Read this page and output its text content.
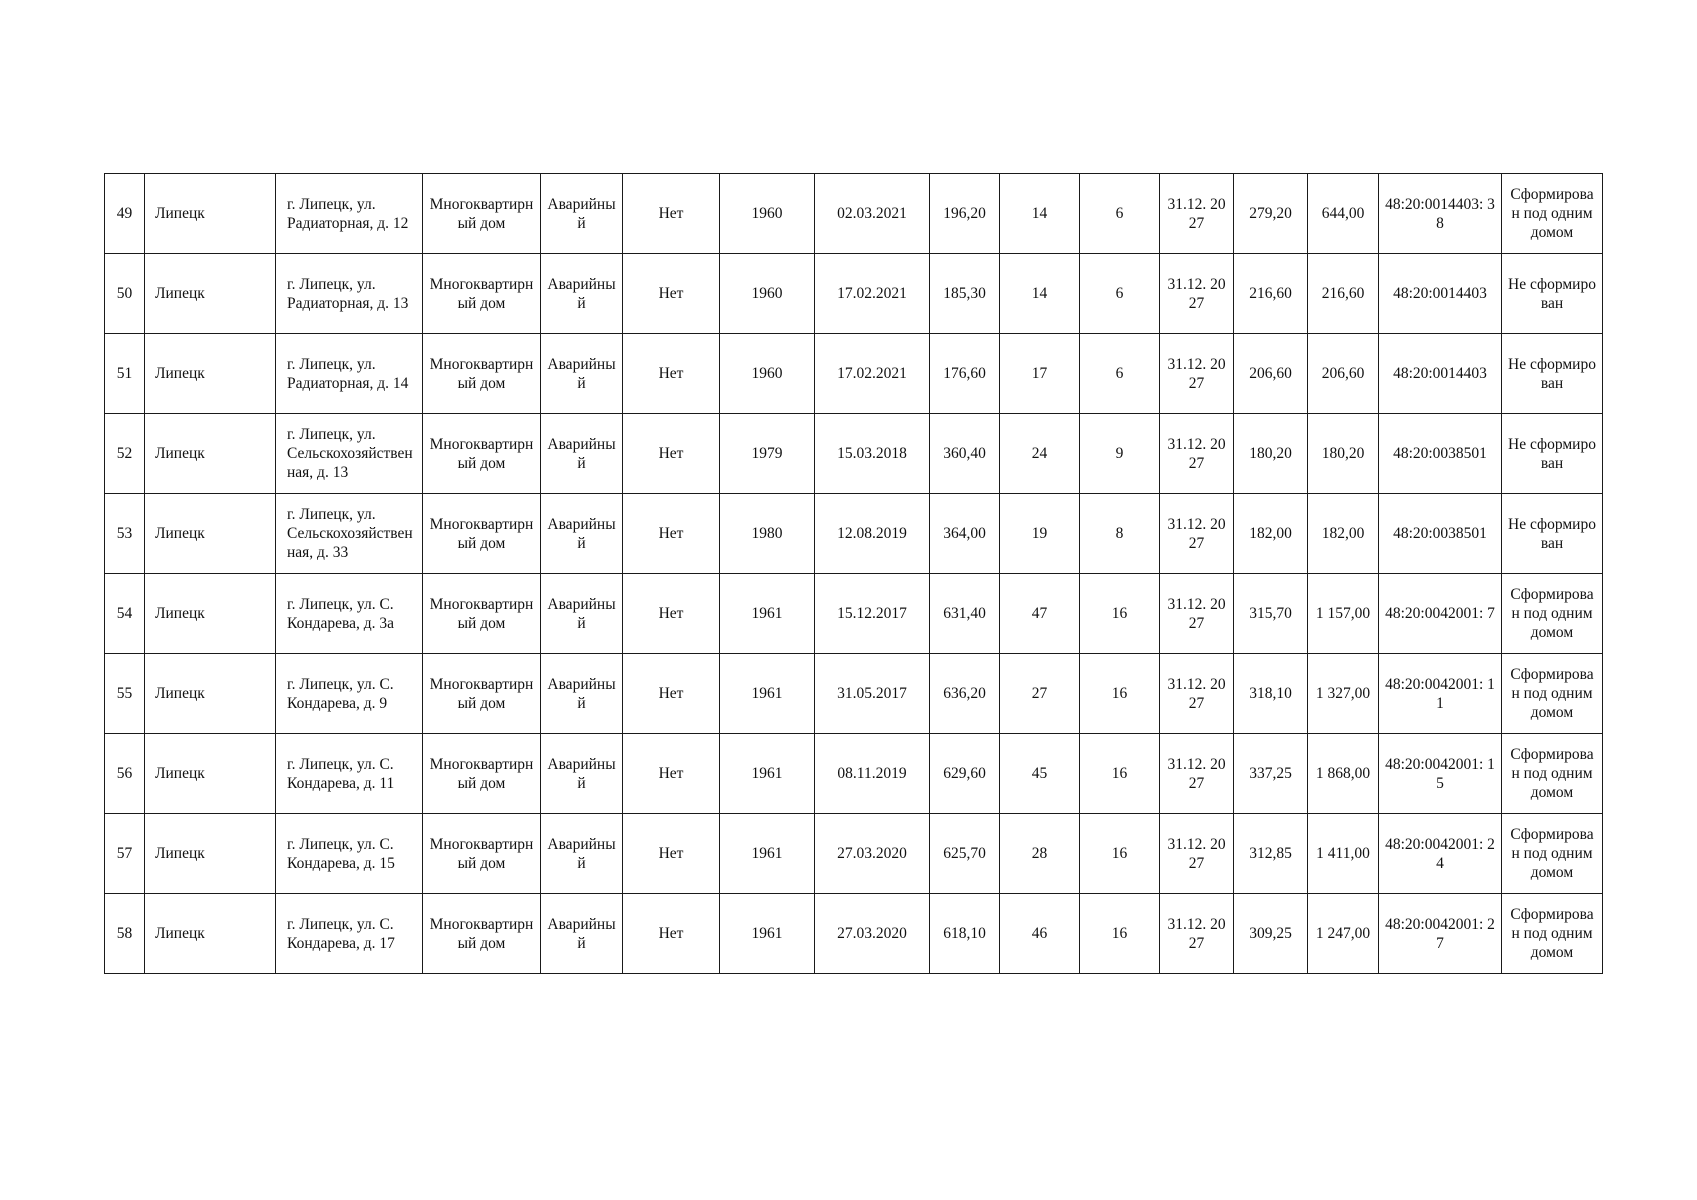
49	Липецк	г. Липецк, ул. Радиаторная, д. 12	Многоквартирный дом	Аварийный	Нет	1960	02.03.2021	196,20	14	6	31.12. 2027	279,20	644,00	48:20:0014403: 38	Сформирован под одним домом
50	Липецк	г. Липецк, ул. Радиаторная, д. 13	Многоквартирный дом	Аварийный	Нет	1960	17.02.2021	185,30	14	6	31.12. 2027	216,60	216,60	48:20:0014403	Не сформирован
51	Липецк	г. Липецк, ул. Радиаторная, д. 14	Многоквартирный дом	Аварийный	Нет	1960	17.02.2021	176,60	17	6	31.12. 2027	206,60	206,60	48:20:0014403	Не сформирован
52	Липецк	г. Липецк, ул. Сельскохозяйственная, д. 13	Многоквартирный дом	Аварийный	Нет	1979	15.03.2018	360,40	24	9	31.12. 2027	180,20	180,20	48:20:0038501	Не сформирован
53	Липецк	г. Липецк, ул. Сельскохозяйственная, д. 33	Многоквартирный дом	Аварийный	Нет	1980	12.08.2019	364,00	19	8	31.12. 2027	182,00	182,00	48:20:0038501	Не сформирован
54	Липецк	г. Липецк, ул. С. Кондарева, д. 3а	Многоквартирный дом	Аварийный	Нет	1961	15.12.2017	631,40	47	16	31.12. 2027	315,70	1 157,00	48:20:0042001: 7	Сформирован под одним домом
55	Липецк	г. Липецк, ул. С. Кондарева, д. 9	Многоквартирный дом	Аварийный	Нет	1961	31.05.2017	636,20	27	16	31.12. 2027	318,10	1 327,00	48:20:0042001: 11	Сформирован под одним домом
56	Липецк	г. Липецк, ул. С. Кондарева, д. 11	Многоквартирный дом	Аварийный	Нет	1961	08.11.2019	629,60	45	16	31.12. 2027	337,25	1 868,00	48:20:0042001: 15	Сформирован под одним домом
57	Липецк	г. Липецк, ул. С. Кондарева, д. 15	Многоквартирный дом	Аварийный	Нет	1961	27.03.2020	625,70	28	16	31.12. 2027	312,85	1 411,00	48:20:0042001: 24	Сформирован под одним домом
58	Липецк	г. Липецк, ул. С. Кондарева, д. 17	Многоквартирный дом	Аварийный	Нет	1961	27.03.2020	618,10	46	16	31.12. 2027	309,25	1 247,00	48:20:0042001: 27	Сформирован под одним домом
